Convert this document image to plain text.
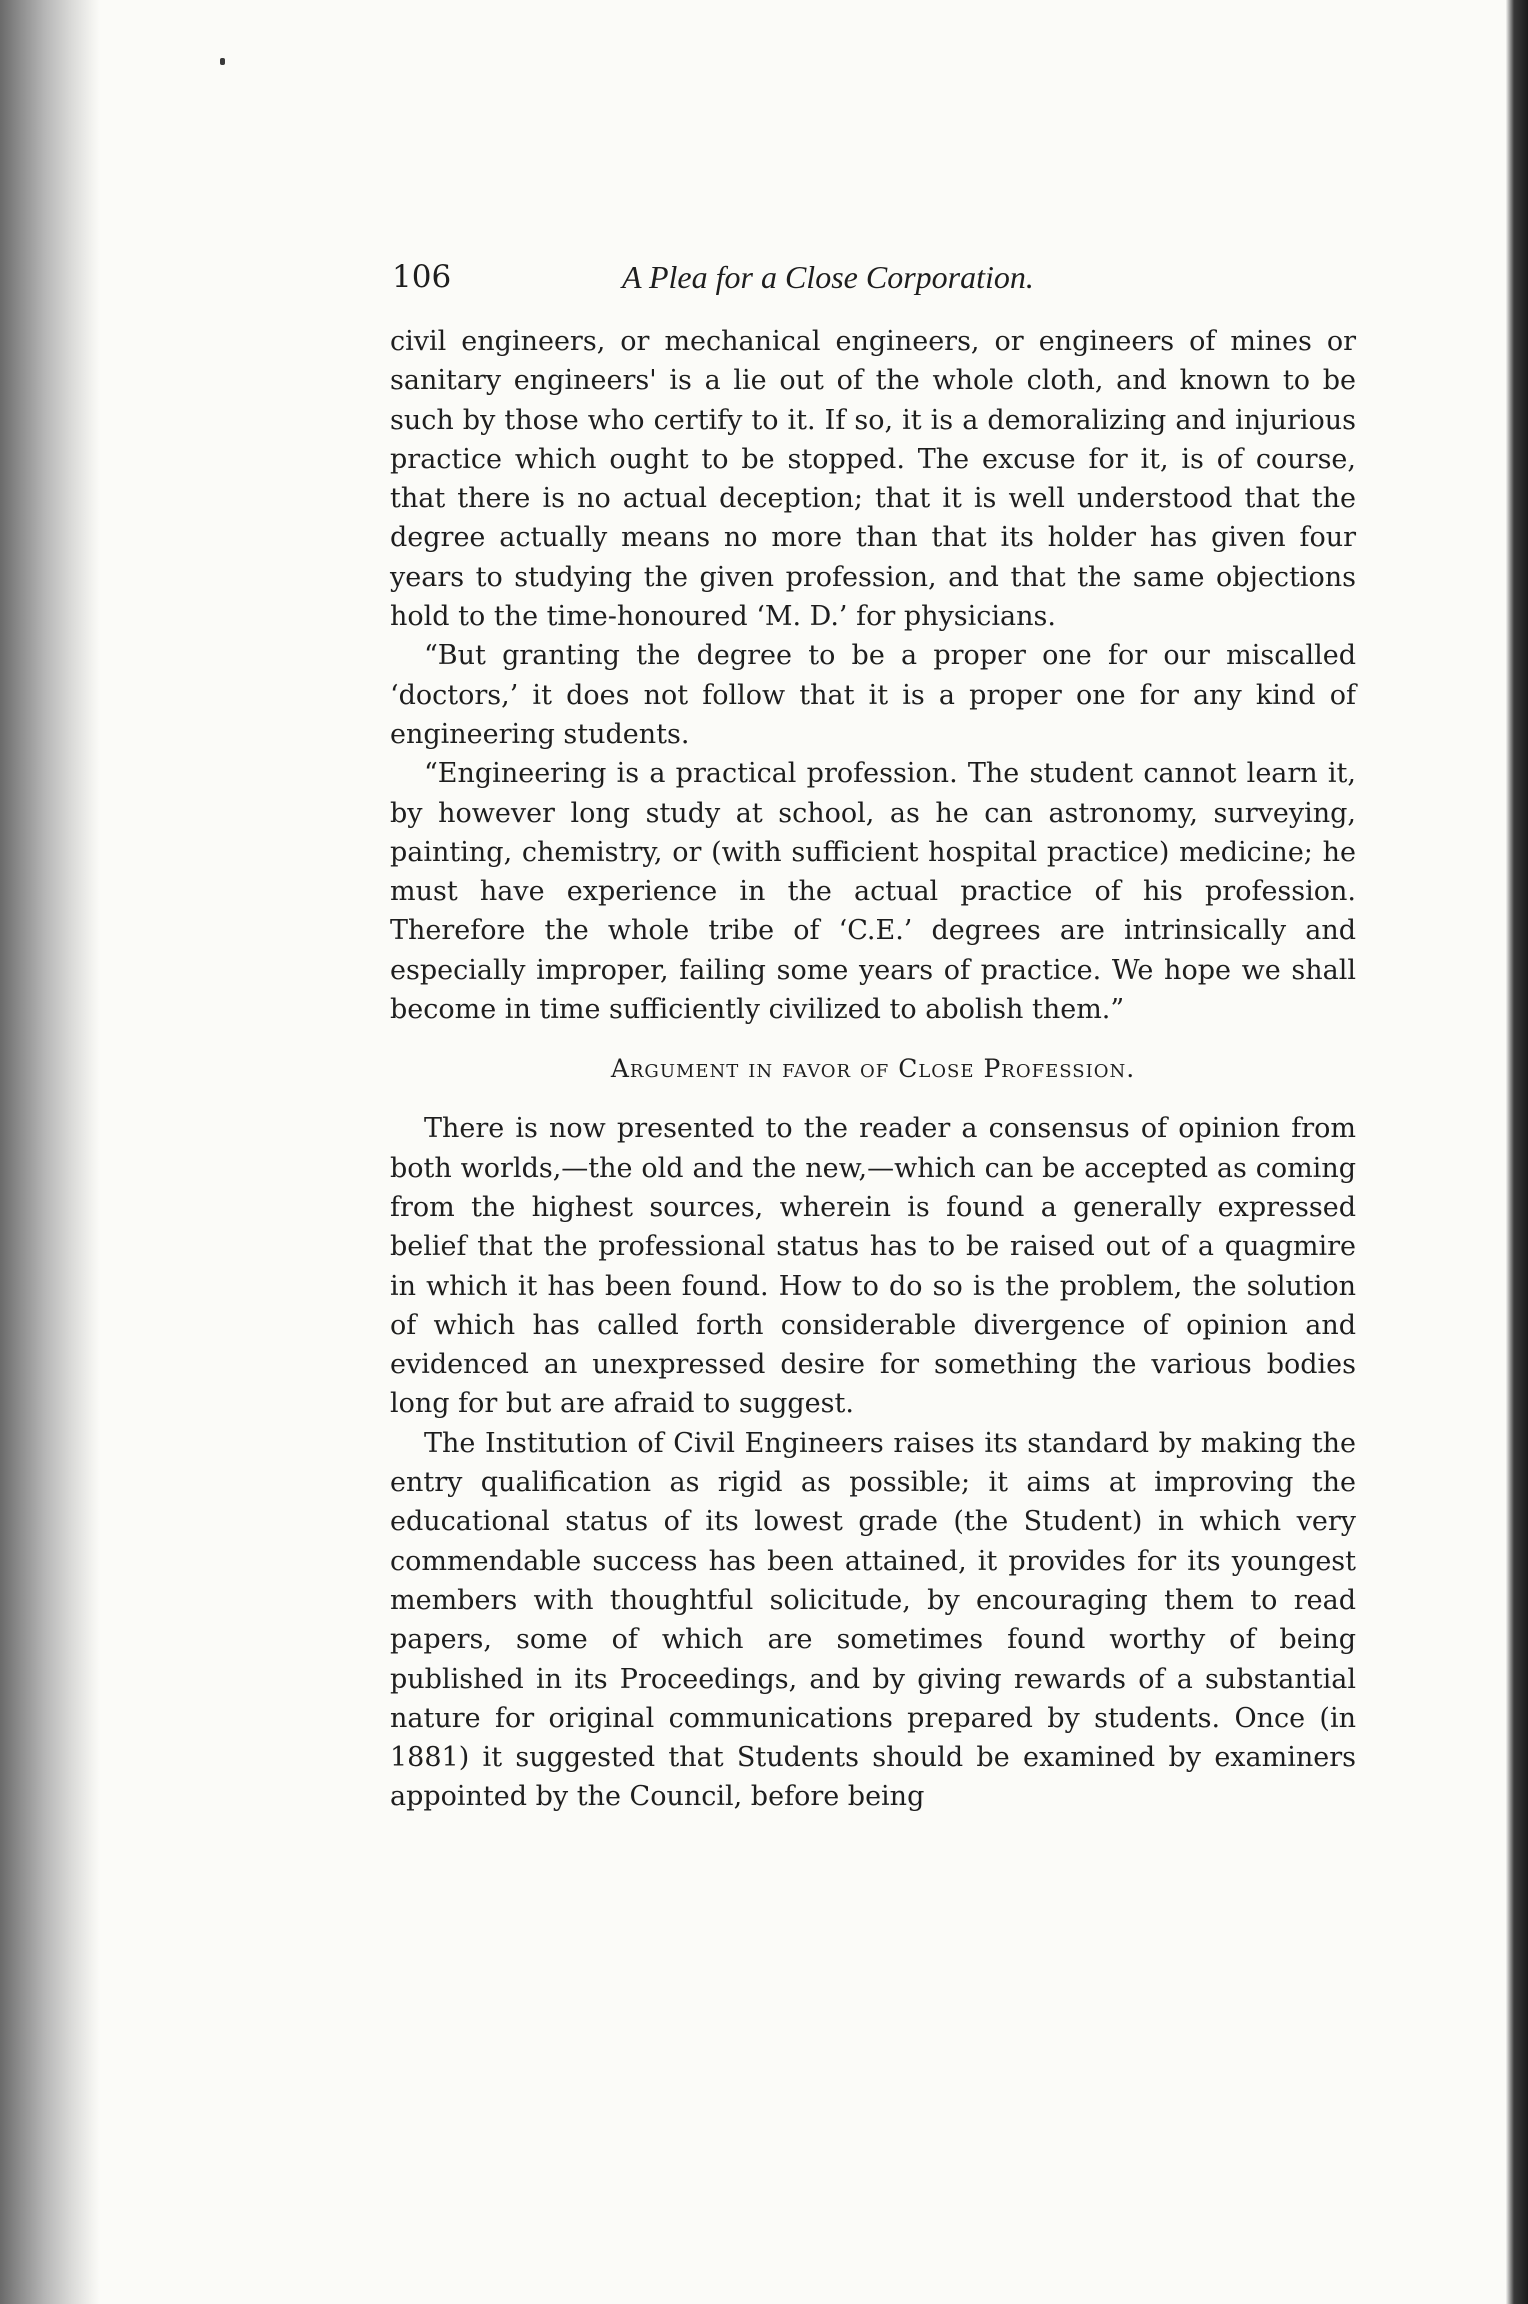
106	A Plea for a Close Corporation.

civil engineers, or mechanical engineers, or engineers of mines or sanitary engineers' is a lie out of the whole cloth, and known to be such by those who certify to it. If so, it is a demoralizing and injurious practice which ought to be stopped. The excuse for it, is of course, that there is no actual deception; that it is well understood that the degree actually means no more than that its holder has given four years to studying the given profession, and that the same objections hold to the time-honoured ‘M. D.’ for physicians.

“But granting the degree to be a proper one for our miscalled ‘doctors,’ it does not follow that it is a proper one for any kind of engineering students.

“Engineering is a practical profession. The student cannot learn it, by however long study at school, as he can astronomy, surveying, painting, chemistry, or (with sufficient hospital practice) medicine; he must have experience in the actual practice of his profession. Therefore the whole tribe of ‘C.E.’ degrees are intrinsically and especially improper, failing some years of practice. We hope we shall become in time sufficiently civilized to abolish them.”

Argument in favor of Close Profession.

There is now presented to the reader a consensus of opinion from both worlds,—the old and the new,—which can be accepted as coming from the highest sources, wherein is found a generally expressed belief that the professional status has to be raised out of a quagmire in which it has been found. How to do so is the problem, the solution of which has called forth considerable divergence of opinion and evidenced an unexpressed desire for something the various bodies long for but are afraid to suggest.

The Institution of Civil Engineers raises its standard by making the entry qualification as rigid as possible; it aims at improving the educational status of its lowest grade (the Student) in which very commendable success has been attained, it provides for its youngest members with thoughtful solicitude, by encouraging them to read papers, some of which are sometimes found worthy of being published in its Proceedings, and by giving rewards of a substantial nature for original communications prepared by students. Once (in 1881) it suggested that Students should be examined by examiners appointed by the Council, before being
